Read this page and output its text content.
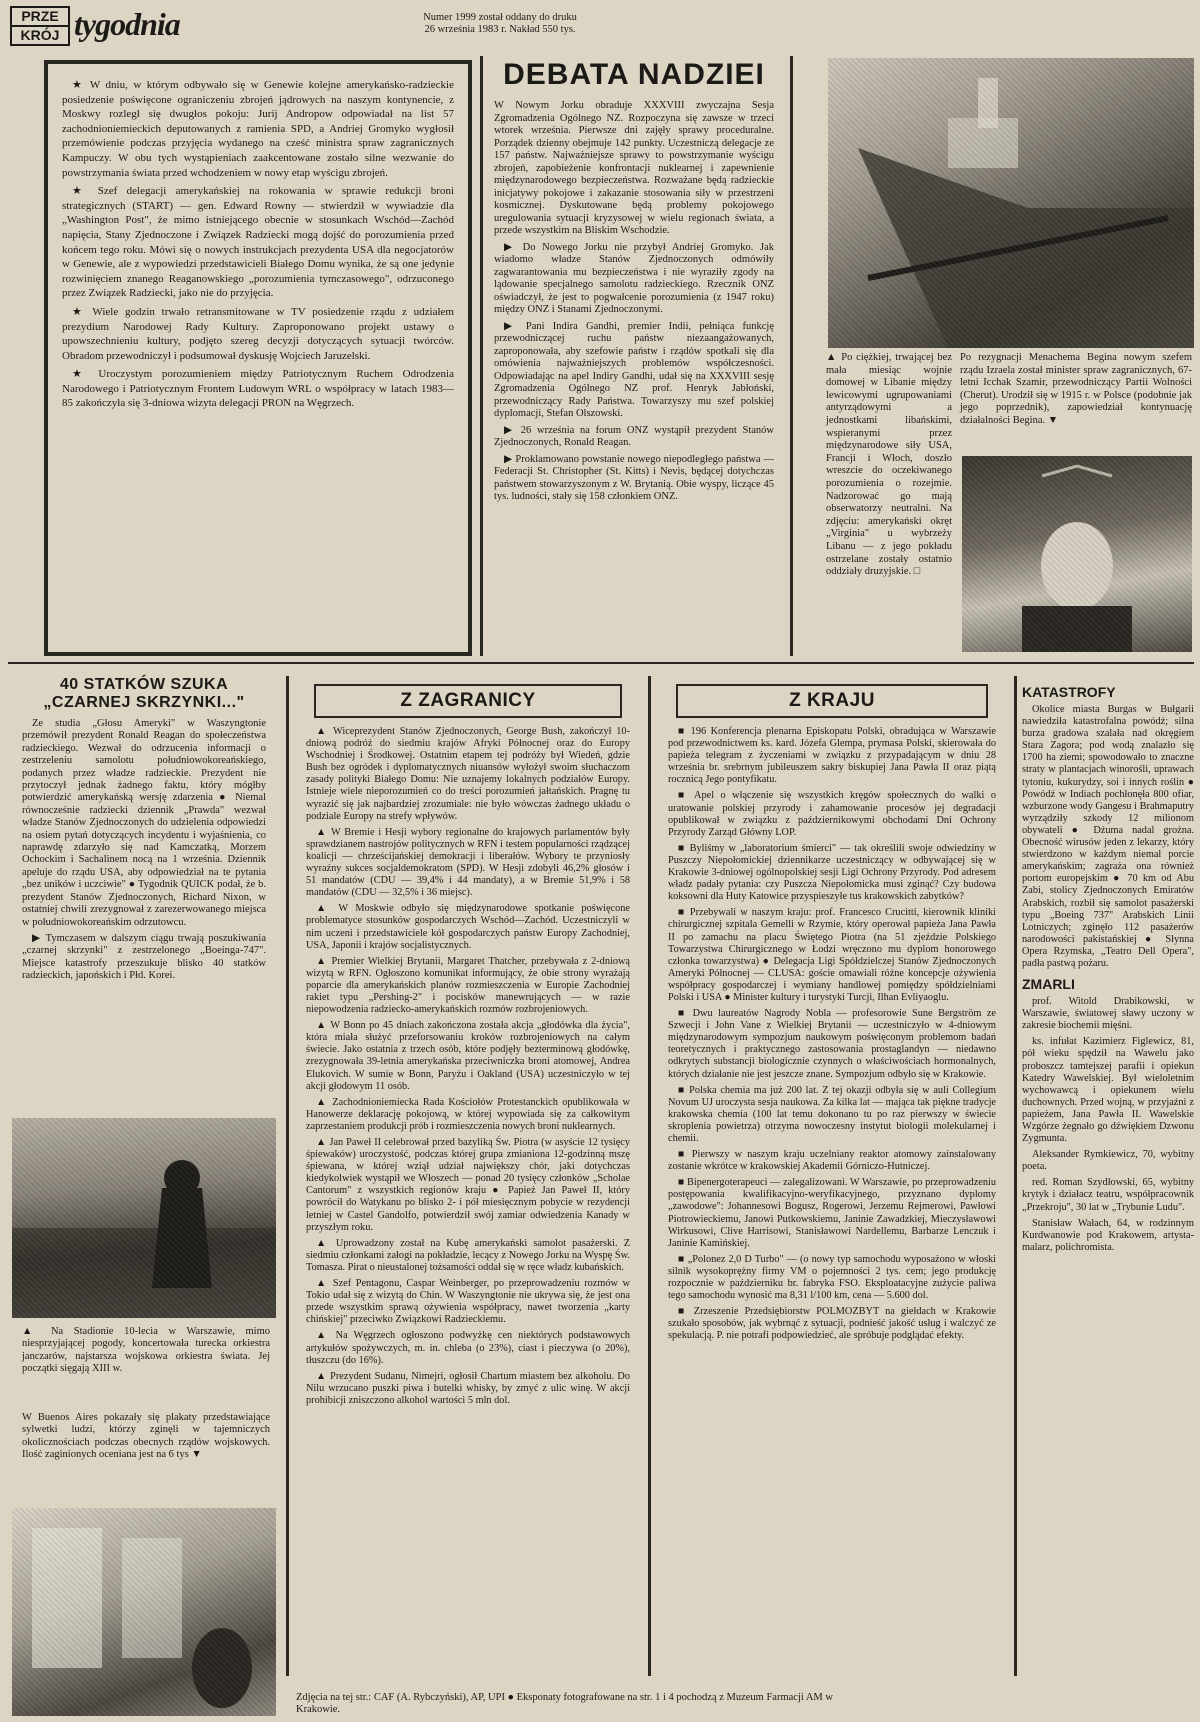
PRZE
KRÓJ tygodnia	Numer 1999 został oddany do druku
26 września 1983 r. Nakład 550 tys.

★ W dniu, w którym odbywało się w Genewie kolejne amerykańsko-radzieckie posiedzenie poświęcone ograniczeniu zbrojeń jądrowych na naszym kontynencie, z Moskwy rozległ się dwugłos pokoju: Jurij Andropow odpowiadał na list 57 zachodnioniemieckich deputowanych z ramienia SPD, a Andriej Gromyko wygłosił przemówienie podczas przyjęcia wydanego na cześć ministra spraw zagranicznych Kampuczy. W obu tych wystąpieniach zaakcentowane zostało silne wezwanie do powstrzymania świata przed wchodzeniem w nowy etap wyścigu zbrojeń.

★ Szef delegacji amerykańskiej na rokowania w sprawie redukcji broni strategicznych (START) — gen. Edward Rowny — stwierdził w wywiadzie dla „Washington Post", że mimo istniejącego obecnie w stosunkach Wschód—Zachód napięcia, Stany Zjednoczone i Związek Radziecki mogą dojść do porozumienia przed końcem tego roku. Mówi się o nowych instrukcjach prezydenta USA dla negocjatorów w Genewie, ale z wypowiedzi przedstawicieli Białego Domu wynika, że są one jedynie rozwinięciem znanego Reaganowskiego „porozumienia tymczasowego", odrzuconego przez Związek Radziecki, jako nie do przyjęcia.

★ Wiele godzin trwało retransmitowane w TV posiedzenie rządu z udziałem prezydium Narodowej Rady Kultury. Zaproponowano projekt ustawy o upowszechnieniu kultury, podjęto szereg decyzji dotyczących sytuacji twórców. Obradom przewodniczył i podsumował dyskusję Wojciech Jaruzelski.

★ Uroczystym porozumieniem między Patriotycznym Ruchem Odrodzenia Narodowego i Patriotycznym Frontem Ludowym WRL o współpracy w latach 1983—85 zakończyła się 3-dniowa wizyta delegacji PRON na Węgrzech.

DEBATA NADZIEI

W Nowym Jorku obraduje XXXVIII zwyczajna Sesja Zgromadzenia Ogólnego NZ. Rozpoczyna się zawsze w trzeci wtorek września. Pierwsze dni zajęły sprawy proceduralne. Porządek dzienny obejmuje 142 punkty. Uczestniczą delegacje ze 157 państw. Najważniejsze sprawy to powstrzymanie wyścigu zbrojeń, zapobieżenie konfrontacji nuklearnej i zapewnienie międzynarodowego bezpieczeństwa. Rozważane będą radzieckie inicjatywy pokojowe i zakazanie stosowania siły w przestrzeni kosmicznej. Dyskutowane będą problemy pokojowego uregulowania sytuacji kryzysowej w wielu regionach świata, a przede wszystkim na Bliskim Wschodzie.

▶ Do Nowego Jorku nie przybył Andriej Gromyko. Jak wiadomo władze Stanów Zjednoczonych odmówiły zagwarantowania mu bezpieczeństwa i nie wyraziły zgody na lądowanie specjalnego samolotu radzieckiego. Rzecznik ONZ oświadczył, że jest to pogwałcenie porozumienia (z 1947 roku) między ONZ i Stanami Zjednoczonymi.

▶ Pani Indira Gandhi, premier Indii, pełniąca funkcję przewodniczącej ruchu państw niezaangażowanych, zaproponowała, aby szefowie państw i rządów spotkali się dla omówienia najważniejszych problemów współczesności. Odpowiadając na apel Indiry Gandhi, udał się na XXXVIII sesję Zgromadzenia Ogólnego NZ prof. Henryk Jabłoński, przewodniczący Rady Państwa. Towarzyszy mu szef polskiej dyplomacji, Stefan Olszowski.

▶ 26 września na forum ONZ wystąpił prezydent Stanów Zjednoczonych, Ronald Reagan.

▶ Proklamowano powstanie nowego niepodległego państwa — Federacji St. Christopher (St. Kitts) i Nevis, będącej dotychczas państwem stowarzyszonym z W. Brytanią. Obie wyspy, liczące 45 tys. ludności, stały się 158 członkiem ONZ.

▲ Po ciężkiej, trwającej bez mała miesiąc wojnie domowej w Libanie między lewicowymi ugrupowaniami antyrządowymi a jednostkami libańskimi, wspieranymi przez międzynarodowe siły USA, Francji i Włoch, doszło wreszcie do oczekiwanego porozumienia o rozejmie. Nadzorować go mają obserwatorzy neutralni. Na zdjęciu: amerykański okręt „Virginia" u wybrzeży Libanu — z jego pokładu ostrzelane zostały ostatnio oddziały druzyjskie. □

Po rezygnacji Menachema Begina nowym szefem rządu Izraela został minister spraw zagranicznych, 67-letni Icchak Szamir, przewodniczący Partii Wolności (Cherut). Urodził się w 1915 r. w Polsce (podobnie jak jego poprzednik), zapowiedział kontynuację działalności Begina. ▼

40 STATKÓW SZUKA
„CZARNEJ SKRZYNKI..."

Ze studia „Głosu Ameryki" w Waszyngtonie przemówił prezydent Ronald Reagan do społeczeństwa radzieckiego. Wezwał do odrzucenia informacji o zestrzeleniu samolotu południowokoreańskiego, podanych przez władze radzieckie. Prezydent nie przytoczył jednak żadnego faktu, który mógłby potwierdzić amerykańską wersję zdarzenia ● Niemal równocześnie radziecki dziennik „Prawda" wezwał władze Stanów Zjednoczonych do udzielenia odpowiedzi na osiem pytań dotyczących incydentu i wyjaśnienia, co naprawdę zdarzyło się nad Kamczatką, Morzem Ochockim i Sachalinem nocą na 1 września. Dziennik apeluje do rządu USA, aby odpowiedział na te pytania „bez uników i uczciwie" ● Tygodnik QUICK podał, że b. prezydent Stanów Zjednoczonych, Richard Nixon, w ostatniej chwili zrezygnował z zarezerwowanego miejsca w południowokoreańskim odrzutowcu.

▶ Tymczasem w dalszym ciągu trwają poszukiwania „czarnej skrzynki" z zestrzelonego „Boeinga-747". Miejsce katastrofy przeszukuje blisko 40 statków radzieckich, japońskich i Płd. Korei.

▲ Na Stadionie 10-lecia w Warszawie, mimo niesprzyjającej pogody, koncertowała turecka orkiestra janczarów, najstarsza wojskowa orkiestra świata. Jej początki sięgają XIII w.

W Buenos Aires pokazały się plakaty przedstawiające sylwetki ludzi, którzy zginęli w tajemniczych okolicznościach podczas obecnych rządów wojskowych. Ilość zaginionych oceniana jest na 6 tys ▼

Z ZAGRANICY

▲ Wiceprezydent Stanów Zjednoczonych, George Bush, zakończył 10-dniową podróż do siedmiu krajów Afryki Północnej oraz do Europy Wschodniej i Środkowej. Ostatnim etapem tej podróży był Wiedeń, gdzie Bush bez ogródek i dyplomatycznych niuansów wyłożył swoim słuchaczom zasady polityki Białego Domu: Nie uznajemy lokalnych podziałów Europy. Istnieje wiele nieporozumień co do treści porozumień jałtańskich. Pragnę tu wyrazić się jak najbardziej zrozumiale: nie było wówczas żadnego układu o podziale Europy na strefy wpływów.

▲ W Bremie i Hesji wybory regionalne do krajowych parlamentów były sprawdzianem nastrojów politycznych w RFN i testem popularności rządzącej koalicji — chrześcijańskiej demokracji i liberałów. Wybory te przyniosły wyraźny sukces socjaldemokratom (SPD). W Hesji zdobyli 46,2% głosów i 51 mandatów (CDU — 39,4% i 44 mandaty), a w Bremie 51,9% i 58 mandatów (CDU — 32,5% i 36 miejsc).

▲ W Moskwie odbyło się międzynarodowe spotkanie poświęcone problematyce stosunków gospodarczych Wschód—Zachód. Uczestniczyli w nim uczeni i przedstawiciele kół gospodarczych państw Europy Zachodniej, USA, Japonii i krajów socjalistycznych.

▲ Premier Wielkiej Brytanii, Margaret Thatcher, przebywała z 2-dniową wizytą w RFN. Ogłoszono komunikat informujący, że obie strony wyrażają poparcie dla amerykańskich planów rozmieszczenia w Europie Zachodniej rakiet typu „Pershing-2" i pocisków manewrujących — w razie niepowodzenia radziecko-amerykańskich rozmów rozbrojeniowych.

▲ W Bonn po 45 dniach zakończona została akcja „głodówka dla życia", która miała służyć przeforsowaniu kroków rozbrojeniowych na całym świecie. Jako ostatnia z trzech osób, które podjęły bezterminową głodówkę, zrezygnowała 39-letnia amerykańska przeciwniczka broni atomowej, Andrea Elukovich. W sumie w Bonn, Paryżu i Oakland (USA) uczestniczyło w tej akcji głodowym 11 osób.

▲ Zachodnioniemiecka Rada Kościołów Protestanckich opublikowała w Hanowerze deklarację pokojową, w której wypowiada się za całkowitym zaprzestaniem produkcji prób i rozmieszczenia nowych broni nuklearnych.

▲ Jan Paweł II celebrował przed bazyliką Św. Piotra (w asyście 12 tysięcy śpiewaków) uroczystość, podczas której grupa zmianiona 12-godzinną mszę śpiewana, w której wziął udział największy chór, jaki dotychczas kiedykolwiek wystąpił we Włoszech — ponad 20 tysięcy członków „Scholae Cantorum" z wszystkich regionów kraju ● Papież Jan Paweł II, który powrócił do Watykanu po blisko 2- i pół miesięcznym pobycie w rezydencji letniej w Castel Gandolfo, potwierdził swój zamiar odwiedzenia Kanady w przyszłym roku.

▲ Uprowadzony został na Kubę amerykański samolot pasażerski. Z siedmiu członkami załogi na pokładzie, lecący z Nowego Jorku na Wyspę Św. Tomasza. Pirat o nieustalonej tożsamości oddał się w ręce władz kubańskich.

▲ Szef Pentagonu, Caspar Weinberger, po przeprowadzeniu rozmów w Tokio udał się z wizytą do Chin. W Waszyngtonie nie ukrywa się, że jest ona przede wszystkim sprawą ożywienia współpracy, nawet tworzenia „karty chińskiej" przeciwko Związkowi Radzieckiemu.

▲ Na Węgrzech ogłoszono podwyżkę cen niektórych podstawowych artykułów spożywczych, m. in. chleba (o 23%), ciast i pieczywa (o 20%), tłuszczu (do 16%).

▲ Prezydent Sudanu, Nimejri, ogłosił Chartum miastem bez alkoholu. Do Nilu wrzucano puszki piwa i butelki whisky, by zmyć z ulic winę. W akcji prohibicji zniszczono alkohol wartości 5 mln dol.

Z KRAJU

■ 196 Konferencja plenarna Episkopatu Polski, obradująca w Warszawie pod przewodnictwem ks. kard. Józefa Glempa, prymasa Polski, skierowała do papieża telegram z życzeniami w związku z przypadającym w dniu 28 września br. srebrnym jubileuszem sakry biskupiej Jana Pawła II oraz piątą rocznicą Jego pontyfikatu.

■ Apel o włączenie się wszystkich kręgów społecznych do walki o uratowanie polskiej przyrody i zahamowanie procesów jej degradacji opublikował w związku z październikowymi obchodami Dni Ochrony Przyrody Zarząd Główny LOP.

■ Byliśmy w „laboratorium śmierci" — tak określili swoje odwiedziny w Puszczy Niepołomickiej dziennikarze uczestniczący w odbywającej się w Krakowie 3-dniowej ogólnopolskiej sesji Ligi Ochrony Przyrody. Pod adresem władz padały pytania: czy Puszcza Niepołomicka musi zginąć? Czy budowa koksowni dla Huty Katowice przyspieszyłe tus krakowskich zabytków?

■ Przebywali w naszym kraju: prof. Francesco Crucitti, kierownik kliniki chirurgicznej szpitala Gemelli w Rzymie, który operował papieża Jana Pawła II po zamachu na placu Świętego Piotra (na 51 zjeździe Polskiego Towarzystwa Chirurgicznego w Łodzi wręczono mu dyplom honorowego członka towarzystwa) ● Delegacja Ligi Spółdzielczej Stanów Zjednoczonych Ameryki Północnej — CLUSA: goście omawiali różne koncepcje ożywienia współpracy gospodarczej i wymiany handlowej pomiędzy spółdzielniami Polski i USA ● Minister kultury i turystyki Turcji, Ilhan Evliyaoglu.

■ Dwu laureatów Nagrody Nobla — profesorowie Sune Bergström ze Szwecji i John Vane z Wielkiej Brytanii — uczestniczyło w 4-dniowym międzynarodowym sympozjum naukowym poświęconym problemom badań teoretycznych i praktycznego zastosowania prostaglandyn — niedawno odkrytych substancji biologicznie czynnych o właściwościach hormonalnych, których działanie nie jest jeszcze znane. Sympozjum odbyło się w Krakowie.

■ Polska chemia ma już 200 lat. Z tej okazji odbyła się w auli Collegium Novum UJ uroczysta sesja naukowa. Za kilka lat — mająca tak piękne tradycje krakowska chemia (100 lat temu dokonano tu po raz pierwszy w świecie skroplenia powietrza) otrzyma nowoczesny instytut biologii molekularnej i chemii.

■ Pierwszy w naszym kraju uczelniany reaktor atomowy zainstalowany zostanie wkrótce w krakowskiej Akademii Górniczo-Hutniczej.

■ Bipenergoterapeuci — zalegalizowani. W Warszawie, po przeprowadzeniu postępowania kwalifikacyjno-weryfikacyjnego, przyznano dyplomy „zawodowe": Johannesowi Bogusz, Rogerowi, Jerzemu Rejmerowi, Pawłowi Piotrowieckiemu, Janowi Putkowskiemu, Janinie Zawadzkiej, Mieczysławowi Wirkusowi, Clive Harrisowi, Stanisławowi Nardellemu, Barbarze Lenczuk i Janinie Kamińskiej.

■ „Polonez 2,0 D Turbo" — (o nowy typ samochodu wyposażono w włoski silnik wysokoprężny firmy VM o pojemności 2 tys. cem; jego produkcję rozpocznie w październiku br. fabryka FSO. Eksploatacyjne zużycie paliwa tego samochodu wynosić ma 8,31 l/100 km, cena — 5.600 dol.

■ Zrzeszenie Przedsiębiorstw POLMOZBYT na giełdach w Krakowie szukało sposobów, jak wybrnąć z sytuacji, podnieść jakość usług i walczyć ze spekulacją. P. nie potrafi podpowiedzieć, ale spróbuje podglądać efekty.

KATASTROFY

Okolice miasta Burgas w Bułgarii nawiedziła katastrofalna powódź; silna burza gradowa szalała nad okręgiem Stara Zagora; pod wodą znalazło się 1700 ha ziemi; spowodowało to znaczne straty w plantacjach winorośli, uprawach tytoniu, kukurydzy, soi i innych roślin ● Powódź w Indiach pochłonęła 800 ofiar, wzburzone wody Gangesu i Brahmaputry wyrządziły szkody 12 milionom obywateli ● Dżuma nadal groźna. Obecność wirusów jeden z lekarzy, który stwierdzono w każdym niemal porcie amerykańskim; zagraża ona również portom europejskim ● 70 km od Abu Zabi, stolicy Zjednoczonych Emiratów Arabskich, rozbił się samolot pasażerski typu „Boeing 737" Arabskich Linii Lotniczych; zginęło 112 pasażerów narodowości pakistańskiej ● Słynna Opera Rzymska, „Teatro Dell Opera", padła pastwą pożaru.

ZMARLI

prof. Witold Drabikowski, w Warszawie, światowej sławy uczony w zakresie biochemii mięśni.

ks. infułat Kazimierz Figlewicz, 81, pół wieku spędził na Wawelu jako proboszcz tamtejszej parafii i opiekun Katedry Wawelskiej. Był wieloletnim wychowawcą i opiekunem wielu duchownych. Przed wojną, w przyjaźni z papieżem, Jana Pawła II. Wawelskie Wzgórze żegnało go dźwiękiem Dzwonu Zygmunta.

Aleksander Rymkiewicz, 70, wybitny poeta.

red. Roman Szydłowski, 65, wybitny krytyk i działacz teatru, współpracownik „Przekroju", 30 lat w „Trybunie Ludu".

Stanisław Wałach, 64, w rodzinnym Kurdwanowie pod Krakowem, artysta-malarz, polichromista.

Zdjęcia na tej str.: CAF (A. Rybczyński), AP, UPI ● Eksponaty fotografowane na str. 1 i 4 pochodzą z Muzeum Farmacji AM w Krakowie.
